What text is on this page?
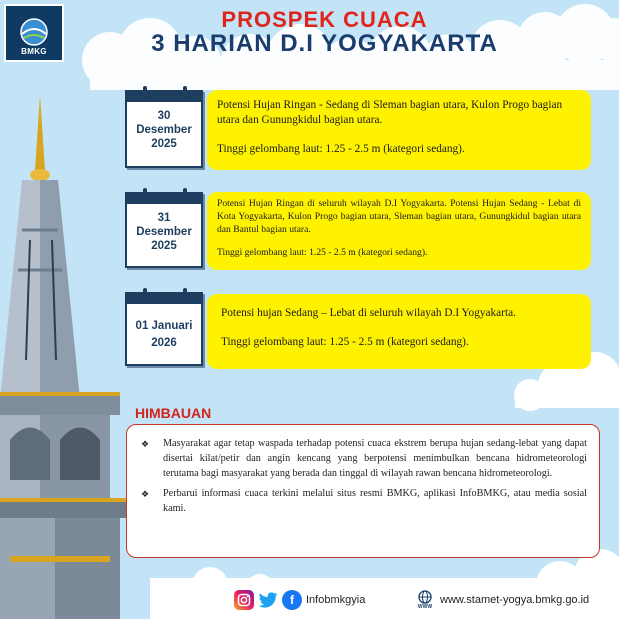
BMKG
PROSPEK CUACA
3 HARIAN D.I YOGYAKARTA
30
Desember
2025

Potensi Hujan Ringan - Sedang di Sleman bagian utara, Kulon Progo bagian utara dan Gunungkidul bagian utara.

Tinggi gelombang laut: 1.25 - 2.5 m (kategori sedang).

31
Desember
2025

Potensi Hujan Ringan di seluruh wilayah D.I Yogyakarta. Potensi Hujan Sedang - Lebat di Kota Yogyakarta, Kulon Progo bagian utara, Sleman bagian utara, Gunungkidul bagian utara dan Bantul bagian utara.

Tinggi gelombang laut: 1.25 - 2.5 m (kategori sedang).

01 Januari
2026

Potensi hujan Sedang – Lebat di seluruh wilayah D.I Yogyakarta.

Tinggi gelombang laut: 1.25 - 2.5 m (kategori sedang).

HIMBAUAN
❖	Masyarakat agar tetap waspada terhadap potensi cuaca ekstrem berupa hujan sedang-lebat yang dapat disertai kilat/petir dan angin kencang yang berpotensi menimbulkan bencana hidrometeorologi terutama bagi masyarakat yang berada dan tinggal di wilayah rawan bencana hidrometeorologi.
❖	Perbarui informasi cuaca terkini melalui situs resmi BMKG, aplikasi InfoBMKG, atau media sosial kami.
f	Infobmkgyia
WWW
www.stamet-yogya.bmkg.go.id
